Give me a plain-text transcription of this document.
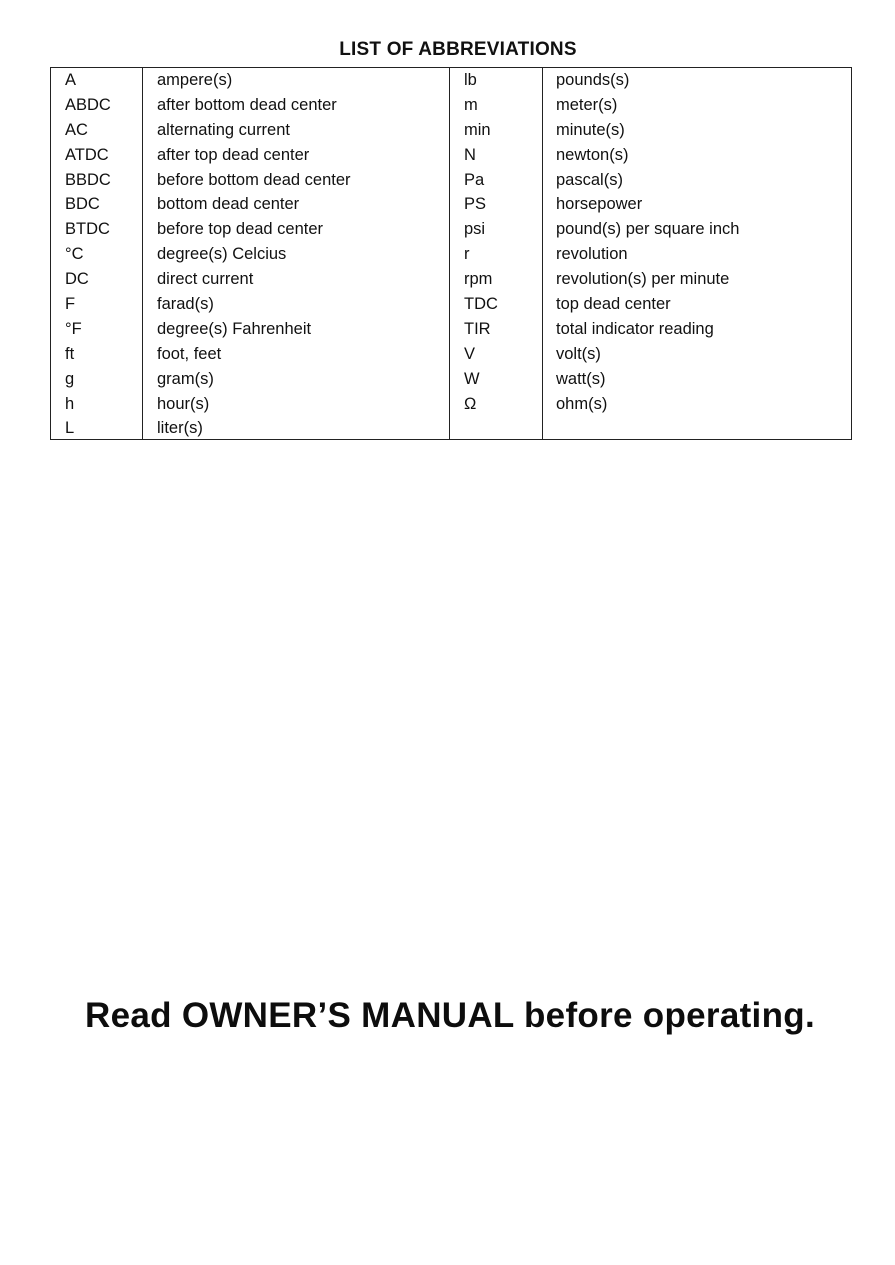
LIST OF ABBREVIATIONS
A	ampere(s)	lb	pounds(s)
ABDC	after bottom dead center	m	meter(s)
AC	alternating current	min	minute(s)
ATDC	after top dead center	N	newton(s)
BBDC	before bottom dead center	Pa	pascal(s)
BDC	bottom dead center	PS	horsepower
BTDC	before top dead center	psi	pound(s) per square inch
°C	degree(s) Celcius	r	revolution
DC	direct current	rpm	revolution(s) per minute
F	farad(s)	TDC	top dead center
°F	degree(s) Fahrenheit	TIR	total indicator reading
ft	foot, feet	V	volt(s)
g	gram(s)	W	watt(s)
h	hour(s)	Ω	ohm(s)
L	liter(s)
Read OWNER’S MANUAL before operating.
